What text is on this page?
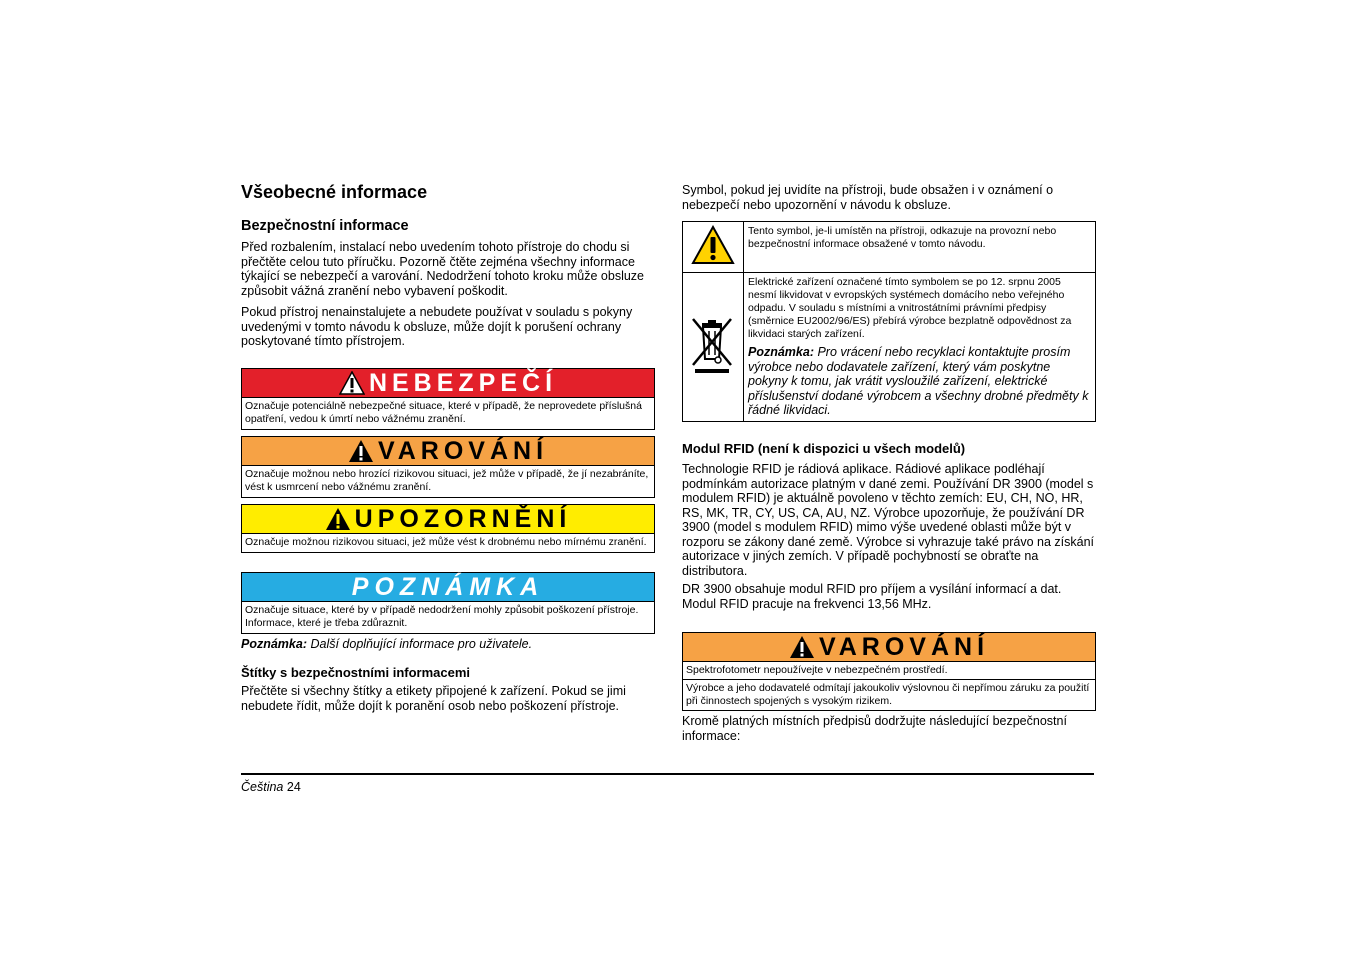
Všeobecné informace
Bezpečnostní informace

Před rozbalením, instalací nebo uvedením tohoto přístroje do chodu si přečtěte celou tuto příručku. Pozorně čtěte zejména všechny informace týkající se nebezpečí a varování. Nedodržení tohoto kroku může obsluze způsobit vážná zranění nebo vybavení poškodit.

Pokud přístroj nenainstalujete a nebudete používat v souladu s pokyny uvedenými v tomto návodu k obsluze, může dojít k porušení ochrany poskytované tímto přístrojem.

NEBEZPEČÍ
Označuje potenciálně nebezpečné situace, které v případě, že neprovedete příslušná opatření, vedou k úmrtí nebo vážnému zranění.
VAROVÁNÍ
Označuje možnou nebo hrozící rizikovou situaci, jež může v případě, že jí nezabráníte, vést k usmrcení nebo vážnému zranění.
UPOZORNĚNÍ
Označuje možnou rizikovou situaci, jež může vést k drobnému nebo mírnému zranění.
POZNÁMKA
Označuje situace, které by v případě nedodržení mohly způsobit poškození přístroje. Informace, které je třeba zdůraznit.

Poznámka: Další doplňující informace pro uživatele.

Štítky s bezpečnostními informacemi

Přečtěte si všechny štítky a etikety připojené k zařízení. Pokud se jimi nebudete řídit, může dojít k poranění osob nebo poškození přístroje.

Symbol, pokud jej uvidíte na přístroji, bude obsažen i v oznámení o nebezpečí nebo upozornění v návodu k obsluze.

	Tento symbol, je-li umístěn na přístroji, odkazuje na provozní nebo bezpečnostní informace obsažené v tomto návodu.

Elektrické zařízení označené tímto symbolem se po 12. srpnu 2005 nesmí likvidovat v evropských systémech domácího nebo veřejného odpadu. V souladu s místními a vnitrostátními právními předpisy (směrnice EU2002/96/ES) přebírá výrobce bezplatně odpovědnost za likvidaci starých zařízení.
Poznámka: Pro vrácení nebo recyklaci kontaktujte prosím výrobce nebo dodavatele zařízení, který vám poskytne pokyny k tomu, jak vrátit vysloužilé zařízení, elektrické příslušenství dodané výrobcem a všechny drobné předměty k řádné likvidaci.
Modul RFID (není k dispozici u všech modelů)

Technologie RFID je rádiová aplikace. Rádiové aplikace podléhají podmínkám autorizace platným v dané zemi. Používání DR 3900 (model s modulem RFID) je aktuálně povoleno v těchto zemích: EU, CH, NO, HR, RS, MK, TR, CY, US, CA, AU, NZ. Výrobce upozorňuje, že používání DR 3900 (model s modulem RFID) mimo výše uvedené oblasti může být v rozporu se zákony dané země. Výrobce si vyhrazuje také právo na získání autorizace v jiných zemích. V případě pochybností se obraťte na distributora.

DR 3900 obsahuje modul RFID pro příjem a vysílání informací a dat. Modul RFID pracuje na frekvenci 13,56 MHz.

VAROVÁNÍ
Spektrofotometr nepoužívejte v nebezpečném prostředí.
Výrobce a jeho dodavatelé odmítají jakoukoliv výslovnou či nepřímou záruku za použití při činnostech spojených s vysokým rizikem.

Kromě platných místních předpisů dodržujte následující bezpečnostní informace:

Čeština 24
